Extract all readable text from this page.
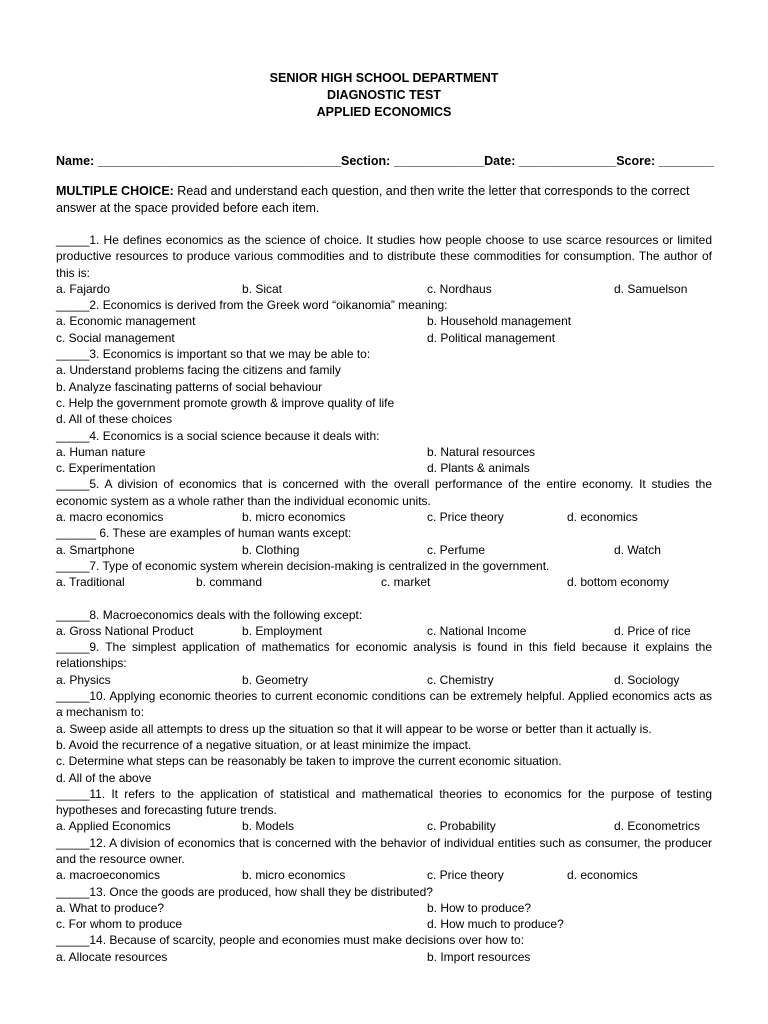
SENIOR HIGH SCHOOL DEPARTMENT
DIAGNOSTIC TEST
APPLIED ECONOMICS
Name: ___________________________________Section: _____________Date: ______________Score: ________
MULTIPLE CHOICE: Read and understand each question, and then write the letter that corresponds to the correct answer at the space provided before each item.
_____1. He defines economics as the science of choice. It studies how people choose to use scarce resources or limited productive resources to produce various commodities and to distribute these commodities for consumption. The author of this is:
a. Fajardo	b. Sicat	c. Nordhaus	d. Samuelson
_____2. Economics is derived from the Greek word “oikanomia” meaning:
a. Economic management	b. Household management
c. Social management	d. Political management
_____3. Economics is important so that we may be able to:
a. Understand problems facing the citizens and family
b. Analyze fascinating patterns of social behaviour
c. Help the government promote growth & improve quality of life
d. All of these choices
_____4. Economics is a social science because it deals with:
a. Human nature	b. Natural resources
c. Experimentation	d. Plants & animals
_____5. A division of economics that is concerned with the overall performance of the entire economy. It studies the economic system as a whole rather than the individual economic units.
a. macro economics	b. micro economics	c. Price theory	d. economics
______ 6. These are examples of human wants except:
a. Smartphone	b. Clothing	c. Perfume	d. Watch
_____7. Type of economic system wherein decision-making is centralized in the government.
a. Traditional	b. command	c. market	d. bottom economy
_____8. Macroeconomics deals with the following except:
a. Gross National Product	b. Employment	c. National Income	d. Price of rice
_____9. The simplest application of mathematics for economic analysis is found in this field because it explains the relationships:
a. Physics	b. Geometry	c. Chemistry	d. Sociology
_____10. Applying economic theories to current economic conditions can be extremely helpful. Applied economics acts as a mechanism to:
a. Sweep aside all attempts to dress up the situation so that it will appear to be worse or better than it actually is.
b. Avoid the recurrence of a negative situation, or at least minimize the impact.
c. Determine what steps can be reasonably be taken to improve the current economic situation.
d. All of the above
_____11. It refers to the application of statistical and mathematical theories to economics for the purpose of testing hypotheses and forecasting future trends.
a. Applied Economics	b. Models	c. Probability	d. Econometrics
_____12. A division of economics that is concerned with the behavior of individual entities such as consumer, the producer and the resource owner.
a. macroeconomics	b. micro economics	c. Price theory	d. economics
_____13. Once the goods are produced, how shall they be distributed?
a. What to produce?	b. How to produce?
c. For whom to produce	d. How much to produce?
_____14. Because of scarcity, people and economies must make decisions over how to:
a. Allocate resources	b. Import resources
